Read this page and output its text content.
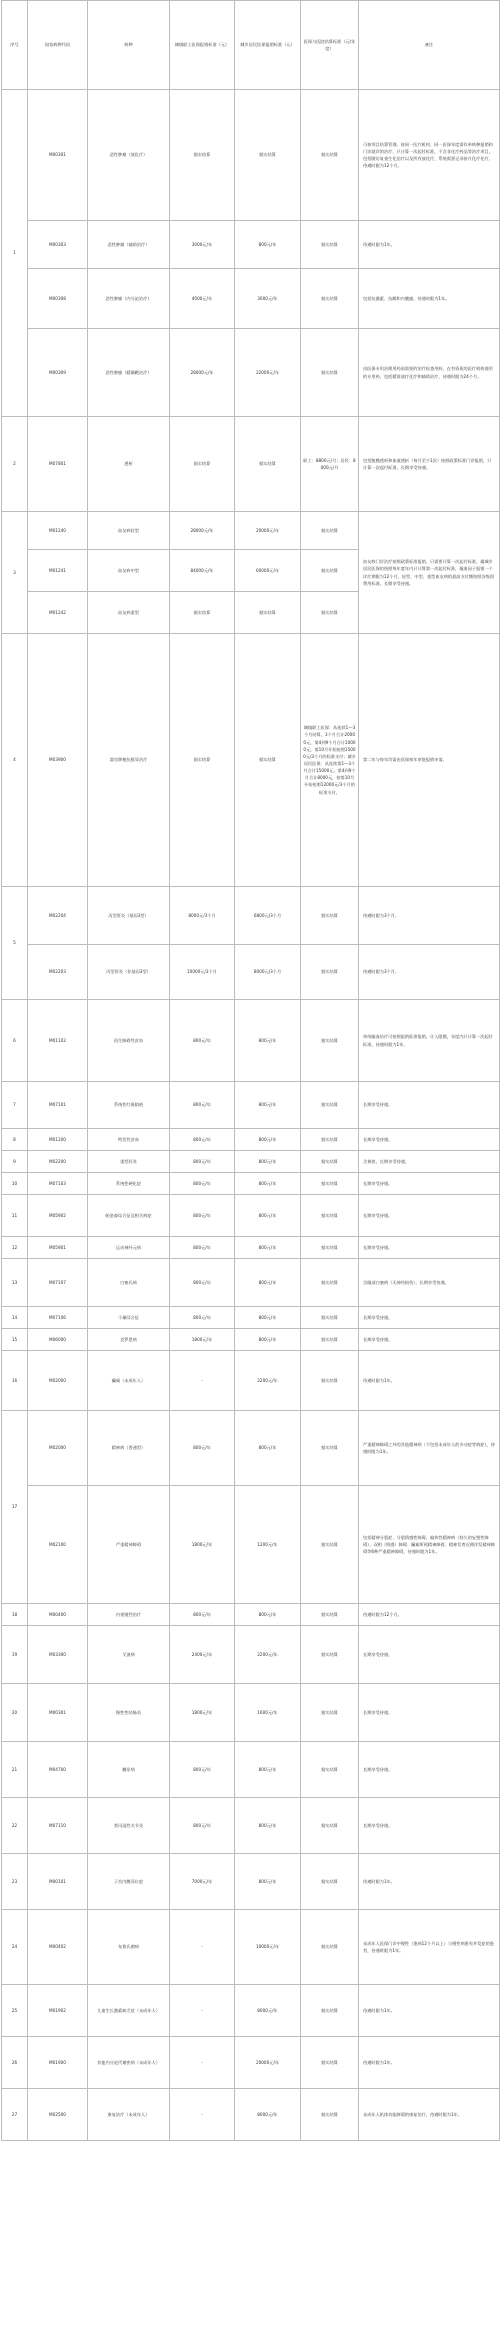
序号	国家病种代码	病种	城镇职工医保报销标准（元）	城乡居民医保报销标准（元）	医保与医院结算标准（元/年度）	备注
1	M00301	恶性肿瘤（放化疗）	据实结算	据实结算	据实结算	可按项目结算管理。按同一医疗机构、同一医保年度需作单病种报销和门诊就诊的治疗，只计算一次起付标准，不含非化疗药品等治疗项目，包括随访复查生化治疗以及所有放化疗，系统需要记录按月化疗化疗，待遇时限为12个月。
	M00303	恶性肿瘤（辅助治疗）	3000元/年	800元/年	据实结算	待遇时限为1年。
	M00308	恶性肿瘤（内分泌治疗）	4000元/年	3000元/年	据实结算	包括抗激素、抗雌和内膜癌，待遇时限为1年。
	M00309	恶性肿瘤（精确靶治疗）	28000元/年	22000元/年	据实结算	由医保专用治理用药前需要的治疗检查用药，在有资质的医疗机构使用的专用药，包括精准放疗化疗和辅助治疗，待遇时限为24个月。
2	M07801	透析	据实结算	据实结算	职工：8800元/月；居民：8000元/月	包括腹膜透析和血液透析（每月至少1次）按照政策标准门诊报销，只计算一次起付标准，长期享受待遇。
3	M01240	血友病轻型	28000元/年	20000元/年	据实结算	血友病门诊治疗按照政策标准报销，只需要计算一次起付标准，属城乡居民医保的按照每年度年内只计算第一次起付标准，凝血因子报销一个诊疗期限为12个月，轻型、中型、重型血友病的最高支付额按照各级别费用标准。长期享受待遇。
	M01241	血友病中型	84000元/年	60000元/年	据实结算	
	M01242	血友病重型	据实结算	据实结算	据实结算	
4	M03900	器官移植抗排异治疗	据实结算	据实结算	城镇职工医保：从连续1—3个月结算，3个月合计20000元，第4到9个月合计10000元，第10月开始按照15000元/3个月的标准支付；城乡居民医保：从连续第1—3个月合计15000元，第4到9个月合计8000元，按第10月开始按照12000元/3个月的标准支付。	第二年与每年均需由医保按年审批报销申请。
5	M02204	丙型肝炎（基因3型）	8000元/3个月	6800元/3个月	据实结算	待遇时限为3个月。
	M02203	丙型肝炎（非基因3型）	10000元/3个月	8000元/3个月	据实结算	待遇时限为3个月。
6	M01102	再生障碍性贫血	800元/年	800元/年	据实结算	单纯输血治疗可按照报销标准报销，计入限额，年度内只计算一次起付标准，待遇时限为1年。
7	M07101	系统性红斑狼疮	800元/年	800元/年	据实结算	长期享受待遇。
8	M01200	特发性贫血	800元/年	800元/年	据实结算	长期享受待遇。
9	M02200	重型肝炎	800元/年	800元/年	据实结算	含黄疸，长期享受待遇。
10	M07103	系统性硬化症	800元/年	800元/年	据实结算	长期享受待遇。
11	M05902	帕金森综合征及相关病症	800元/年	800元/年	据实结算	长期享受待遇。
12	M05901	运动神经元病	800元/年	800元/年	据实结算	长期享受待遇。
13	M07107	白塞氏病	800元/年	800元/年	据实结算	含眼部白塞病（无神经损伤），长期享受待遇。
14	M07106	干燥综合征	800元/年	800元/年	据实结算	长期享受待遇。
15	M06000	克罗恩病	1800元/年	800元/年	据实结算	长期享受待遇。
16	M02000	癫痫（未成年人）	-	2200元/年	据实结算	待遇时限为1年。
17	M02000	精神病（普通型）	800元/年	800元/年	据实结算	严重精神障碍之外的其他精神病（不包括未成年人的多动症等病症），待遇时限为1年。
	M02100	严重精神障碍	1800元/年	1200元/年	据实结算	包括精神分裂症、分裂情感性障碍、偏执性精神病（持久的妄想性障碍）、双相（情感）障碍、癫痫所致精神障碍、精神发育迟滞伴发精神障碍等6种严重精神障碍，待遇时限为1年。
18	M00400	内视镜性治疗	800元/年	800元/年	据实结算	待遇时限为12个月。
19	M03300	艾滋病	2400元/年	2200元/年	据实结算	长期享受待遇。
20	M00301	慢性性结肠炎	1800元/年	1600元/年	据实结算	长期享受待遇。
21	M04700	糖尿病	800元/年	800元/年	据实结算	长期享受待遇。
22	M07110	类风湿性关节炎	800元/年	800元/年	据实结算	长期享受待遇。
23	M00101	子宫内膜异位症	7000元/年	800元/年	据实结算	待遇时限为1年。
24	M00402	布鲁氏菌病	-	10000元/年	据实结算	未成年人医保门诊中慢性（患病12个月以上）与慢性病患有并发症的患者，待遇时限为1年。
25	M01902	儿童生长激素缺乏症（未成年人）	-	8000元/年	据实结算	待遇时限为1年。
26	M01900	其他内分泌代谢疾病（未成年人）	-	20000元/年	据实结算	待遇时限为1年。
27	M02500	康复治疗（未成年人）	-	8000元/年	据实结算	未成年人机体功能障碍的康复治疗，待遇时限为1年。
